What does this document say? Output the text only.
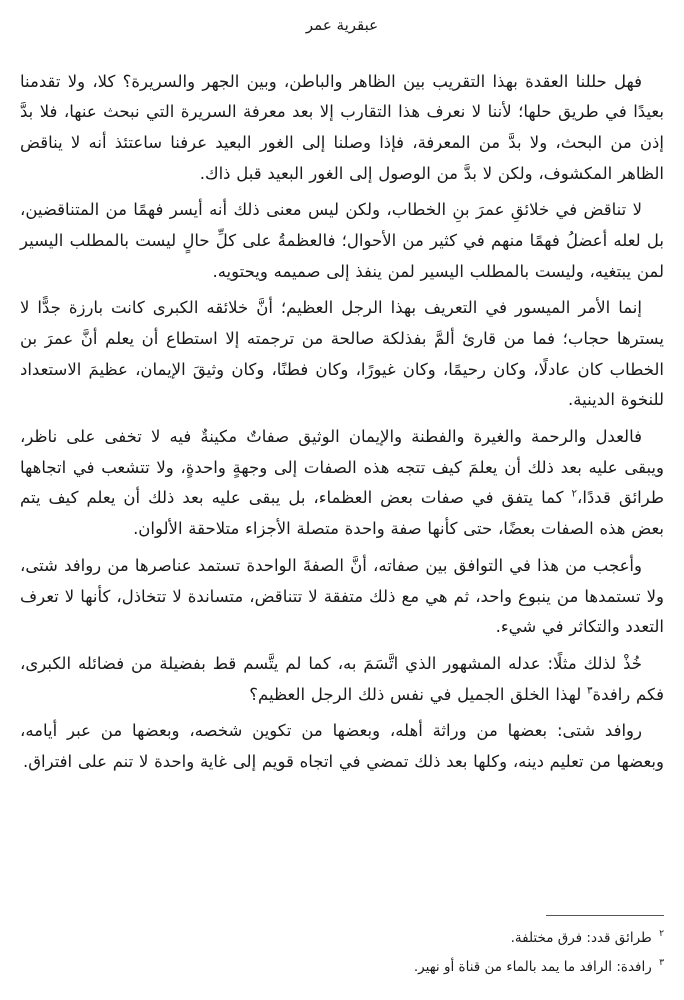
عبقرية عمر

فهل حللنا العقدة بهذا التقريب بين الظاهر والباطن، وبين الجهر والسريرة؟ كلا، ولا تقدمنا بعيدًا في طريق حلها؛ لأننا لا نعرف هذا التقارب إلا بعد معرفة السريرة التي نبحث عنها، فلا بدَّ إذن من البحث، ولا بدَّ من المعرفة، فإذا وصلنا إلى الغور البعيد عرفنا ساعتئذ أنه لا يناقض الظاهر المكشوف، ولكن لا بدَّ من الوصول إلى الغور البعيد قبل ذاك.

لا تناقض في خلائقِ عمرَ بنِ الخطاب، ولكن ليس معنى ذلك أنه أيسر فهمًا من المتناقضين، بل لعله أعضلُ فهمًا منهم في كثير من الأحوال؛ فالعظمةُ على كلِّ حالٍ ليست بالمطلب اليسير لمن يبتغيه، وليست بالمطلب اليسير لمن ينفذ إلى صميمه ويحتويه.

إنما الأمر الميسور في التعريف بهذا الرجل العظيم؛ أنَّ خلائقه الكبرى كانت بارزة جدًّا لا يسترها حجاب؛ فما من قارئ ألمَّ بفذلكة صالحة من ترجمته إلا استطاع أن يعلم أنَّ عمرَ بن الخطاب كان عادلًا، وكان رحيمًا، وكان غيورًا، وكان فطنًا، وكان وثيقَ الإيمان، عظيمَ الاستعداد للنخوة الدينية.

فالعدل والرحمة والغيرة والفطنة والإيمان الوثيق صفاتٌ مكينةٌ فيه لا تخفى على ناظر، ويبقى عليه بعد ذلك أن يعلمَ كيف تتجه هذه الصفات إلى وجهةٍ واحدةٍ، ولا تتشعب في اتجاهها طرائق قددًا،$^٢$ كما يتفق في صفات بعض العظماء، بل يبقى عليه بعد ذلك أن يعلم كيف يتم بعض هذه الصفات بعضًا، حتى كأنها صفة واحدة متصلة الأجزاء متلاحقة الألوان.

وأعجب من هذا في التوافق بين صفاته، أنَّ الصفةَ الواحدة تستمد عناصرها من روافد شتى، ولا تستمدها من ينبوع واحد، ثم هي مع ذلك متفقة لا تتناقض، متساندة لا تتخاذل، كأنها لا تعرف التعدد والتكاثر في شيء.

خُذْ لذلك مثلًا: عدله المشهور الذي اتَّسَمَ به، كما لم يتَّسم قط بفضيلة من فضائله الكبرى، فكم رافدة$^٣$ لهذا الخلق الجميل في نفس ذلك الرجل العظيم؟

روافد شتى: بعضها من وراثة أهله، وبعضها من تكوين شخصه، وبعضها من عبر أيامه، وبعضها من تعليم دينه، وكلها بعد ذلك تمضي في اتجاه قويم إلى غاية واحدة لا تنم على افتراق.

$^٢$ طرائق قدد: فرق مختلفة.
$^٣$ رافدة: الرافد ما يمد بالماء من قناة أو نهير.
